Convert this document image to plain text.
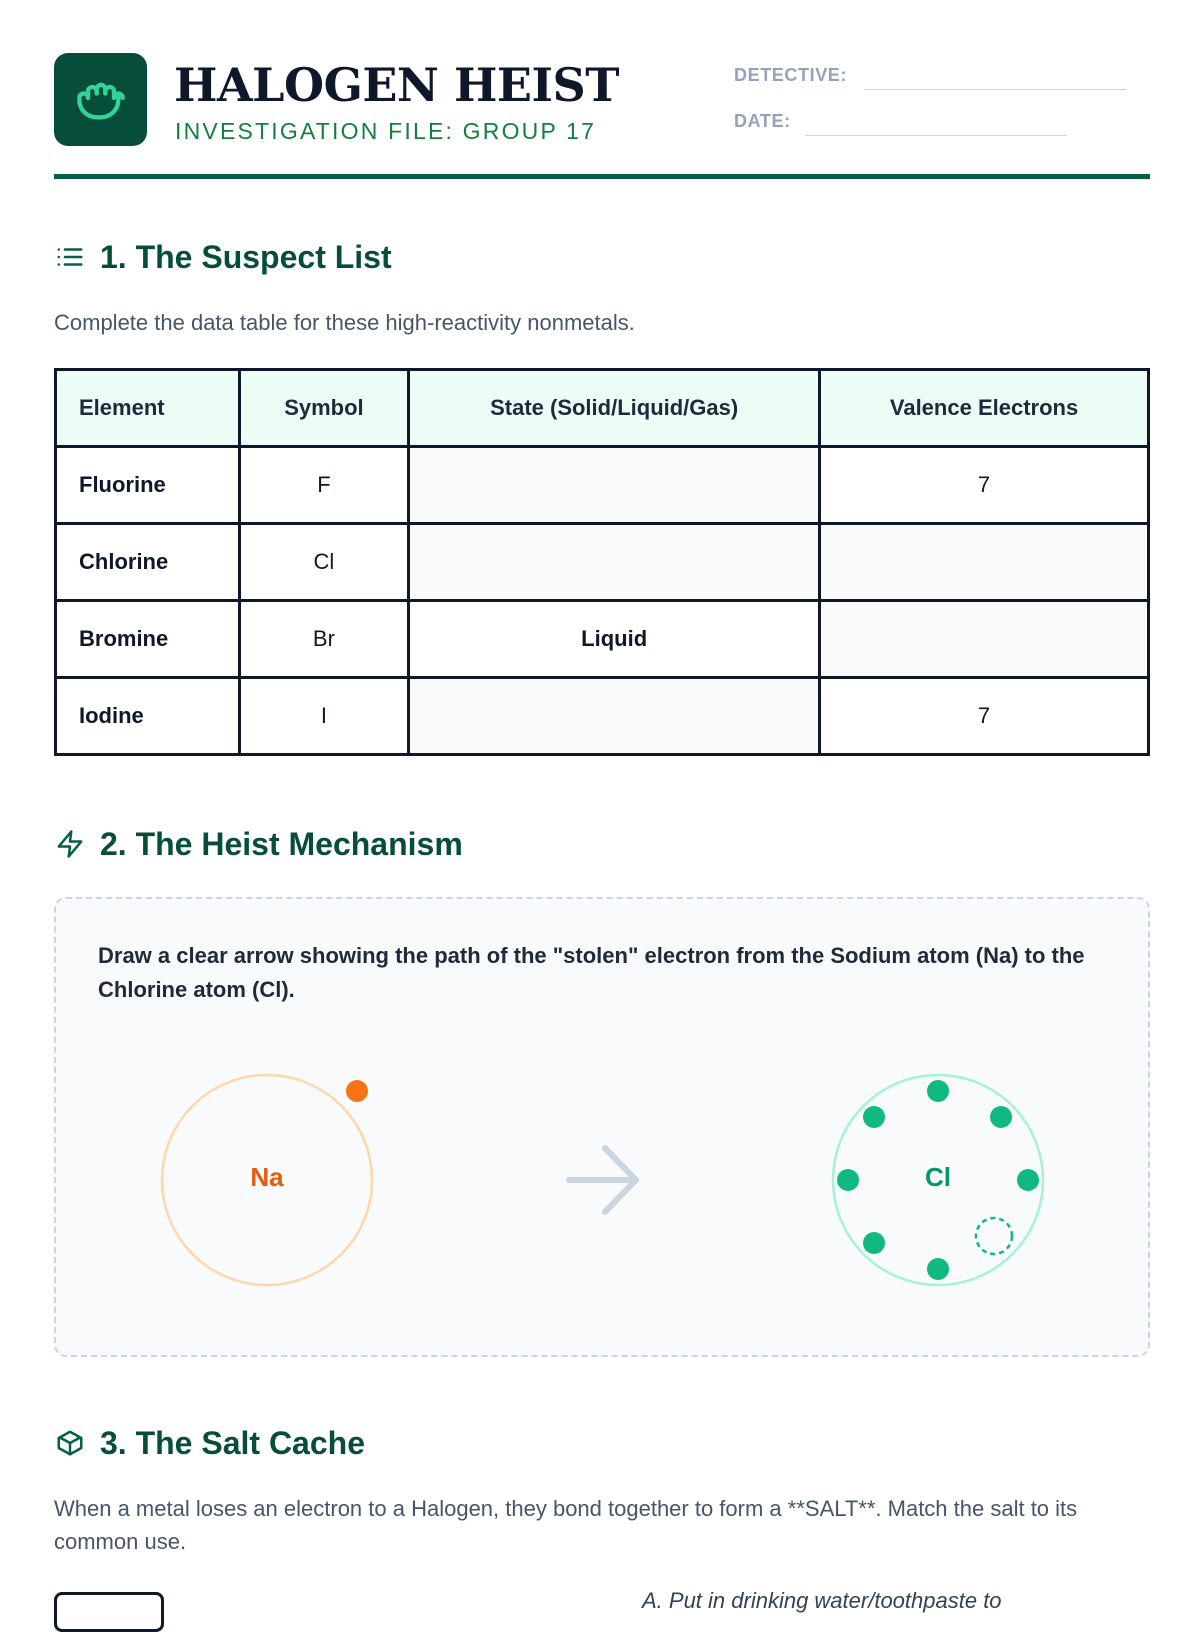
HALOGEN HEIST
INVESTIGATION FILE: GROUP 17
DETECTIVE:
DATE:
1. The Suspect List
Complete the data table for these high-reactivity nonmetals.
Element	Symbol	State (Solid/Liquid/Gas)	Valence Electrons
Fluorine	F		7
Chlorine	Cl		
Bromine	Br	Liquid	
Iodine	I		7
2. The Heist Mechanism
Draw a clear arrow showing the path of the "stolen" electron from the Sodium atom (Na) to the Chlorine atom (Cl).
Na	Cl
3. The Salt Cache
When a metal loses an electron to a Halogen, they bond together to form a **SALT**. Match the salt to its common use.
A. Put in drinking water/toothpaste to
